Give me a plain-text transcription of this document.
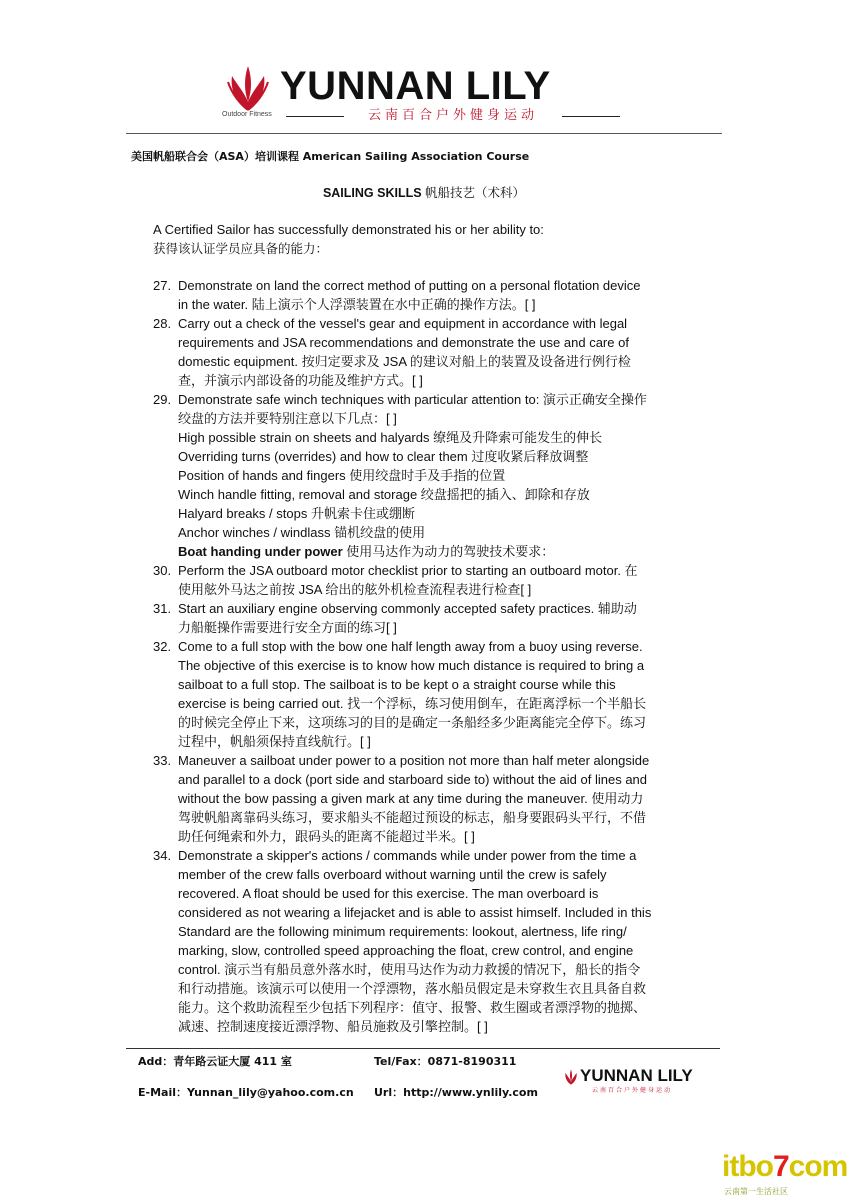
YUNNAN LILY
云南百合户外健身运动
Outdoor Fitness
美国帆船联合会（ASA）培训课程 American Sailing Association Course
SAILING SKILLS 帆船技艺（术科）
A Certified Sailor has successfully demonstrated his or her ability to:
获得该认证学员应具备的能力：
27. Demonstrate on land the correct method of putting on a personal flotation device
in the water. 陆上演示个人浮漂装置在水中正确的操作方法。[ ]
28. Carry out a check of the vessel's gear and equipment in accordance with legal
requirements and JSA recommendations and demonstrate the use and care of
domestic equipment. 按归定要求及 JSA 的建议对船上的装置及设备进行例行检
查，并演示内部设备的功能及维护方式。[ ]
29. Demonstrate safe winch techniques with particular attention to: 演示正确安全操作
绞盘的方法并要特别注意以下几点：[ ]
High possible strain on sheets and halyards 缭绳及升降索可能发生的伸长
Overriding turns (overrides) and how to clear them 过度收紧后释放调整
Position of hands and fingers 使用绞盘时手及手指的位置
Winch handle fitting, removal and storage 绞盘摇把的插入、卸除和存放
Halyard breaks / stops 升帆索卡住或绷断
Anchor winches / windlass 锚机绞盘的使用
Boat handing under power 使用马达作为动力的驾驶技术要求：
30. Perform the JSA outboard motor checklist prior to starting an outboard motor. 在
使用舷外马达之前按 JSA 给出的舷外机检查流程表进行检查[ ]
31. Start an auxiliary engine observing commonly accepted safety practices. 辅助动
力船艇操作需要进行安全方面的练习[ ]
32. Come to a full stop with the bow one half length away from a buoy using reverse.
The objective of this exercise is to know how much distance is required to bring a
sailboat to a full stop. The sailboat is to be kept o a straight course while this
exercise is being carried out. 找一个浮标，练习使用倒车，在距离浮标一个半船长
的时候完全停止下来，这项练习的目的是确定一条船经多少距离能完全停下。练习
过程中，帆船须保持直线航行。[ ]
33. Maneuver a sailboat under power to a position not more than half meter alongside
and parallel to a dock (port side and starboard side to) without the aid of lines and
without the bow passing a given mark at any time during the maneuver. 使用动力
驾驶帆船离靠码头练习，要求船头不能超过预设的标志，船身要跟码头平行，不借
助任何绳索和外力，跟码头的距离不能超过半米。[ ]
34. Demonstrate a skipper's actions / commands while under power from the time a
member of the crew falls overboard without warning until the crew is safely
recovered. A float should be used for this exercise. The man overboard is
considered as not wearing a lifejacket and is able to assist himself. Included in this
Standard are the following minimum requirements: lookout, alertness, life ring/
marking, slow, controlled speed approaching the float, crew control, and engine
control. 演示当有船员意外落水时，使用马达作为动力救援的情况下，船长的指令
和行动措施。该演示可以使用一个浮漂物，落水船员假定是未穿救生衣且具备自救
能力。这个救助流程至少包括下列程序：值守、报警、救生圈或者漂浮物的抛掷、
减速、控制速度接近漂浮物、船员施救及引擎控制。[ ]
Add：青年路云证大厦 411 室	Tel/Fax：0871-8190311
E-Mail：Yunnan_lily@yahoo.com.cn Url：http://www.ynlily.com
YUNNAN LILY
云南百合户外健身运动
itbo7com
云南第一生活社区
